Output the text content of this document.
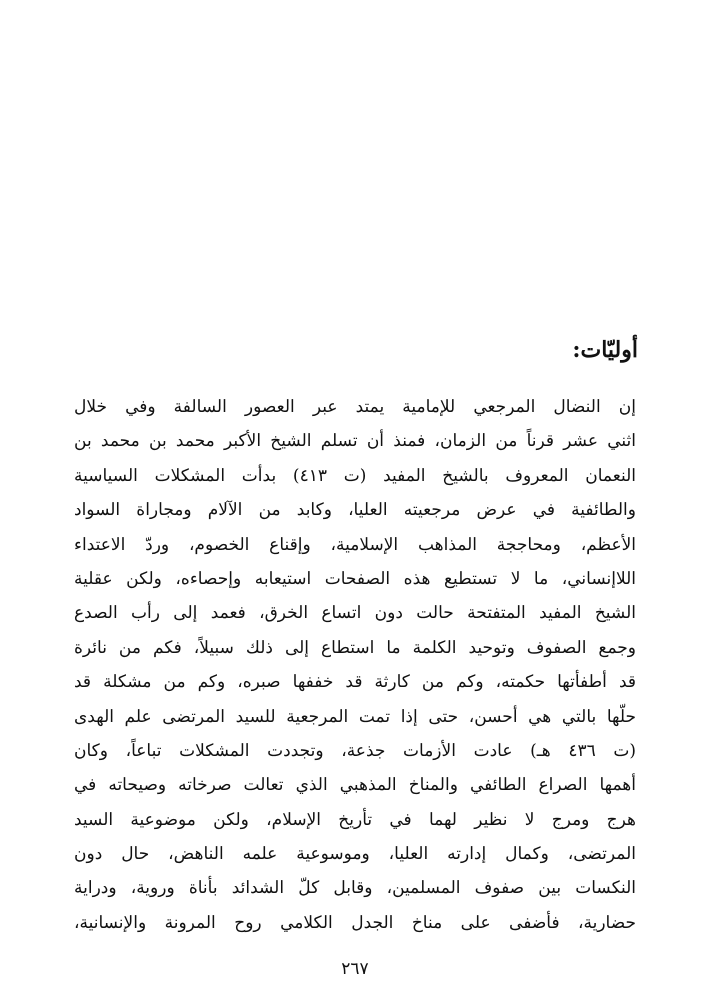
أوليّات:
إن النضال المرجعي للإمامية يمتد عبر العصور السالفة وفي خلال
اثني عشر قرناً من الزمان، فمنذ أن تسلم الشيخ الأكبر محمد بن محمد بن
النعمان المعروف بالشيخ المفيد (ت ٤١٣) بدأت المشكلات السياسية
والطائفية في عرض مرجعيته العليا، وكابد من الآلام ومجاراة السواد
الأعظم، ومحاججة المذاهب الإسلامية، وإقناع الخصوم، وردّ الاعتداء
اللاإنساني، ما لا تستطيع هذه الصفحات استيعابه وإحصاءه، ولكن عقلية
الشيخ المفيد المتفتحة حالت دون اتساع الخرق، فعمد إلى رأب الصدع
وجمع الصفوف وتوحيد الكلمة ما استطاع إلى ذلك سبيلاً، فكم من نائرة
قد أطفأتها حكمته، وكم من كارثة قد خففها صبره، وكم من مشكلة قد
حلّها بالتي هي أحسن، حتى إذا تمت المرجعية للسيد المرتضى علم الهدى
(ت ٤٣٦ هـ) عادت الأزمات جذعة، وتجددت المشكلات تباعاً، وكان
أهمها الصراع الطائفي والمناخ المذهبي الذي تعالت صرخاته وصيحاته في
هرج ومرج لا نظير لهما في تأريخ الإسلام، ولكن موضوعية السيد
المرتضى، وكمال إدارته العليا، وموسوعية علمه الناهض، حال دون
النكسات بين صفوف المسلمين، وقابل كلّ الشدائد بأناة وروية، ودراية
حضارية، فأضفى على مناخ الجدل الكلامي روح المرونة والإنسانية،

٢٦٧
